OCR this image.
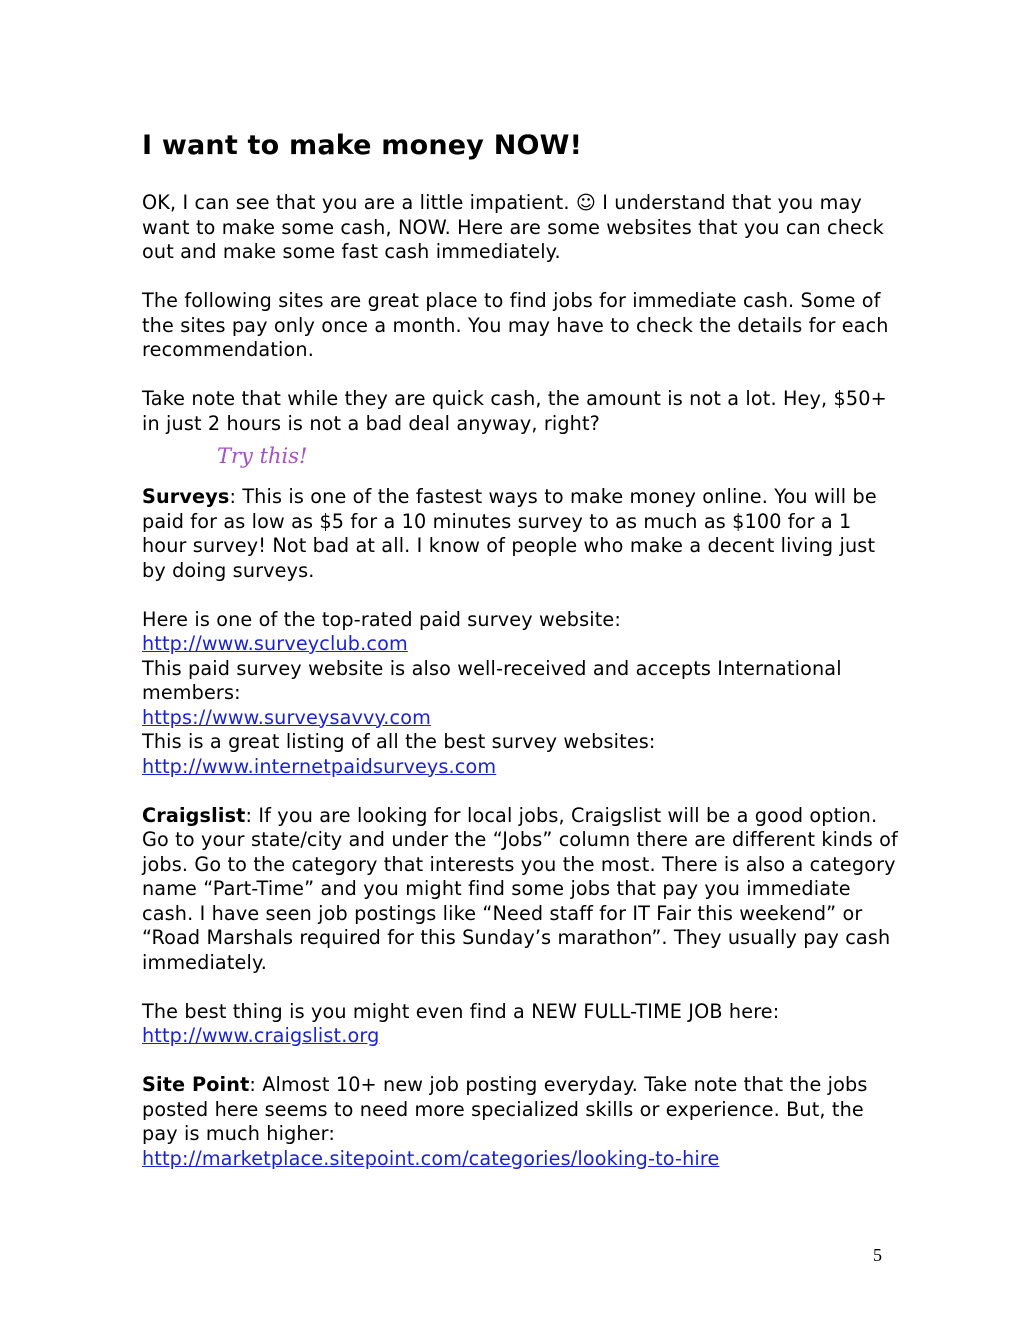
I want to make money NOW!

OK, I can see that you are a little impatient. ☺ I understand that you may want to make some cash, NOW. Here are some websites that you can check out and make some fast cash immediately.

The following sites are great place to find jobs for immediate cash. Some of the sites pay only once a month. You may have to check the details for each recommendation.

Take note that while they are quick cash, the amount is not a lot. Hey, $50+ in just 2 hours is not a bad deal anyway, right?

Try this!

Surveys: This is one of the fastest ways to make money online. You will be paid for as low as $5 for a 10 minutes survey to as much as $100 for a 1 hour survey! Not bad at all. I know of people who make a decent living just by doing surveys.

Here is one of the top-rated paid survey website:

http://www.surveyclub.com

This paid survey website is also well-received and accepts International members:

https://www.surveysavvy.com

This is a great listing of all the best survey websites:

http://www.internetpaidsurveys.com

Craigslist: If you are looking for local jobs, Craigslist will be a good option. Go to your state/city and under the “Jobs” column there are different kinds of jobs. Go to the category that interests you the most. There is also a category name “Part-Time” and you might find some jobs that pay you immediate cash. I have seen job postings like “Need staff for IT Fair this weekend” or “Road Marshals required for this Sunday’s marathon”. They usually pay cash immediately.

The best thing is you might even find a NEW FULL-TIME JOB here:

http://www.craigslist.org

Site Point: Almost 10+ new job posting everyday. Take note that the jobs posted here seems to need more specialized skills or experience. But, the pay is much higher:

http://marketplace.sitepoint.com/categories/looking-to-hire

5
